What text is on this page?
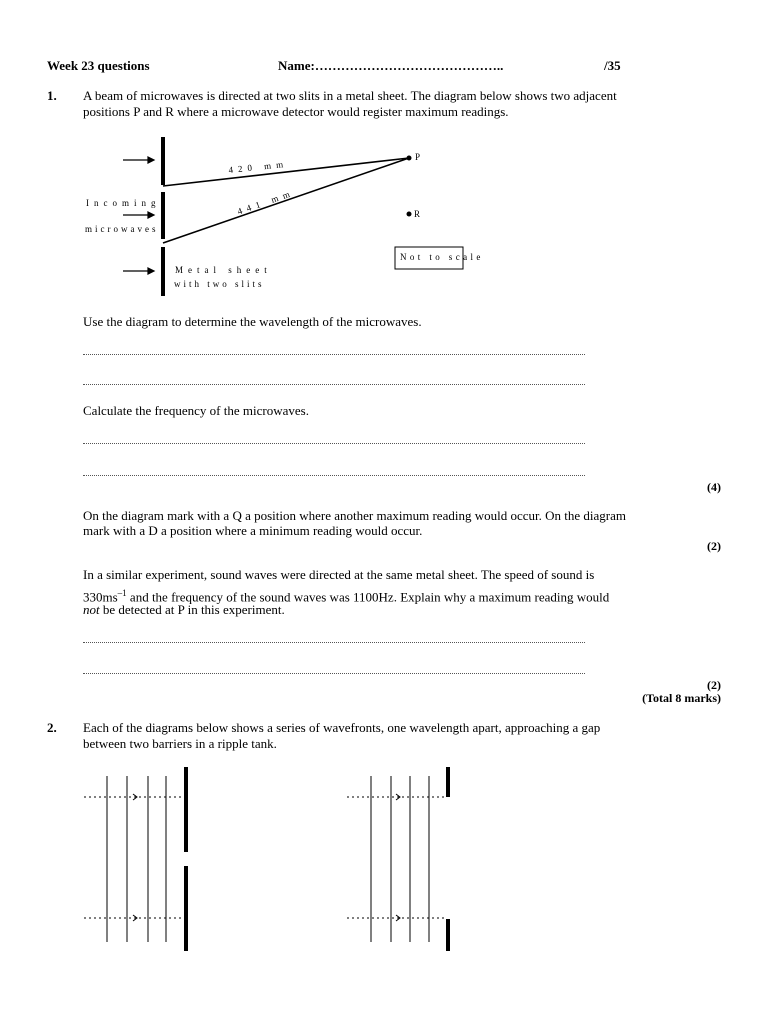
Week 23 questions	Name:……………………………………..	/35
1. A beam of microwaves is directed at two slits in a metal sheet. The diagram below shows two adjacent
positions P and R where a microwave detector would register maximum readings.
420 mm
441 mm
P
R
Incoming
microwaves
Metal sheet
with two slits
Not to scale
Use the diagram to determine the wavelength of the microwaves.
Calculate the frequency of the microwaves.
(4)
On the diagram mark with a Q a position where another maximum reading would occur. On the diagram
mark with a D a position where a minimum reading would occur.
(2)
In a similar experiment, sound waves were directed at the same metal sheet. The speed of sound is
$330ms^{-1}$ and the frequency of the sound waves was 1100Hz. Explain why a maximum reading would
not be detected at P in this experiment.
(2)
(Total 8 marks)
2. Each of the diagrams below shows a series of wavefronts, one wavelength apart, approaching a gap
between two barriers in a ripple tank.
